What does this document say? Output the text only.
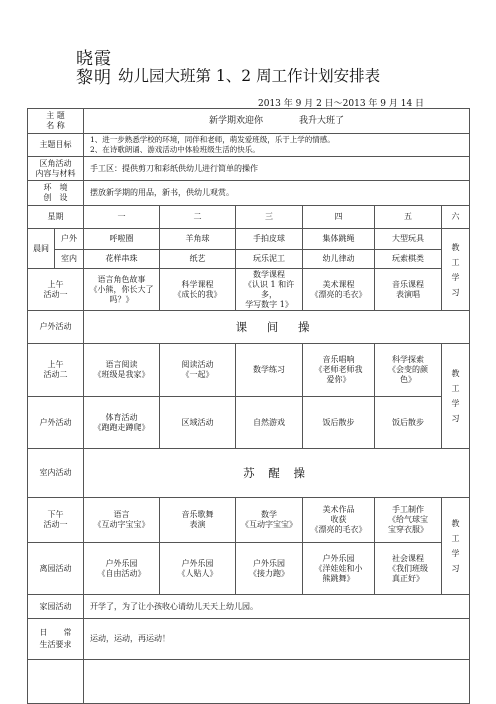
晓霞黎明 幼儿园大班第 1、2 周工作计划安排表
2013 年 9 月 2 日～2013 年 9 月 14 日
主 题
名 称		新学期欢迎你 我升大班了					
主题目标		1、进一步熟悉学校的环境，同伴和老师，萌发爱班级，乐于上学的情感。
2、在诗歌朗诵、游戏活动中体验班级生活的快乐。					
区角活动
内容与材料		手工区：提供剪刀和彩纸供幼儿进行简单的操作					
环　境
创　设		摆放新学期的用品，新书，供幼儿观赏。					
星期		一	二	三	四	五	六
晨间	户外	呼啦圈	羊角球	手拍皮球	集体跳绳	大型玩具	教工学习
	室内	花样串珠	纸艺	玩乐泥工	幼儿律动	玩索棋类	
上午
活动一		语言角色故事
《小熊，你长大了
吗？》	科学课程
《成长的我》	数学课程
《认识 1 和许多，
学写数字 1》	美术课程
《漂亮的毛衣》	音乐课程
表演唱	
户外活动		课 间 操					
上午
活动二		语言阅读
《班级是我家》	阅读活动
《一起》	数学练习	音乐唱响
《老师老师我
爱你》	科学探索
《会变的颜
色》	教工学习
户外活动		体育活动
《跑跑走蹲爬》	区域活动	自然游戏	饭后散步	饭后散步	
室内活动		苏 醒 操					
下午
活动一		语言
《互动字宝宝》	音乐歌舞
表演	数学
《互动字宝宝》	美术作品
收获
《漂亮的毛衣》	手工制作
《给气球宝
宝穿衣服》	教工学习
离园活动		户外乐园
《自由活动》	户外乐园
《人贴人》	户外乐园
《接力跑》	户外乐园
《洋娃娃和小
熊跳舞》	社会课程
《我们班级
真正好》	
家园活动		开学了，为了让小孩收心请幼儿天天上幼儿园。					
日　　常
生活要求		运动，运动，再运动！					
